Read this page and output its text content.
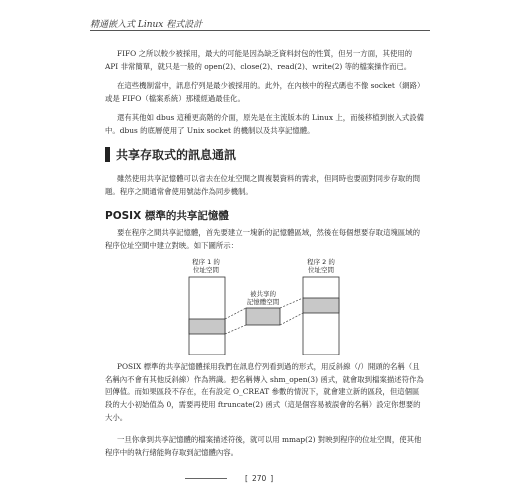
精通嵌入式 Linux 程式設計

FIFO 之所以較少被採用，最大的可能是因為缺乏資料封包的性質，但另一方面，其使用的 API 非常簡單，就只是一般的 open(2)、close(2)、read(2)、write(2) 等的檔案操作而已。

在這些機制當中，訊息佇列是最少被採用的。此外，在內核中的程式碼也不像 socket（網路）或是 FIFO（檔案系統）那樣經過最佳化。

還有其他如 dbus 這種更高階的介面，原先是在主流版本的 Linux 上，而後移植到嵌入式設備中。dbus 的底層使用了 Unix socket 的機制以及共享記憶體。

共享存取式的訊息通訊

雖然使用共享記憶體可以省去在位址空間之間複製資料的需求，但同時也要面對同步存取的問題。程序之間通常會使用號誌作為同步機制。

POSIX 標準的共享記憶體

要在程序之間共享記憶體，首先要建立一塊新的記憶體區域，然後在每個想要存取這塊區域的程序位址空間中建立對映。如下圖所示：

程序 1 的
位址空間
被共享的
記憶體空間
程序 2 的
位址空間

POSIX 標準的共享記憶體採用我們在訊息佇列看到過的形式，用反斜線（/）開頭的名稱（且名稱內不會有其他反斜線）作為辨識。把名稱傳入 shm_open(3) 函式，就會取到檔案描述符作為回傳值。而如果區段不存在，在有設定 O_CREAT 參數的情況下，就會建立新的區段，但這個區段的大小初始值為 0，需要再使用 ftruncate(2) 函式（這是個容易被誤會的名稱）設定你想要的大小。

一旦你拿到共享記憶體的檔案描述符後，就可以用 mmap(2) 對映到程序的位址空間，使其他程序中的執行緒能夠存取到記憶體內容。

[ 270 ]
